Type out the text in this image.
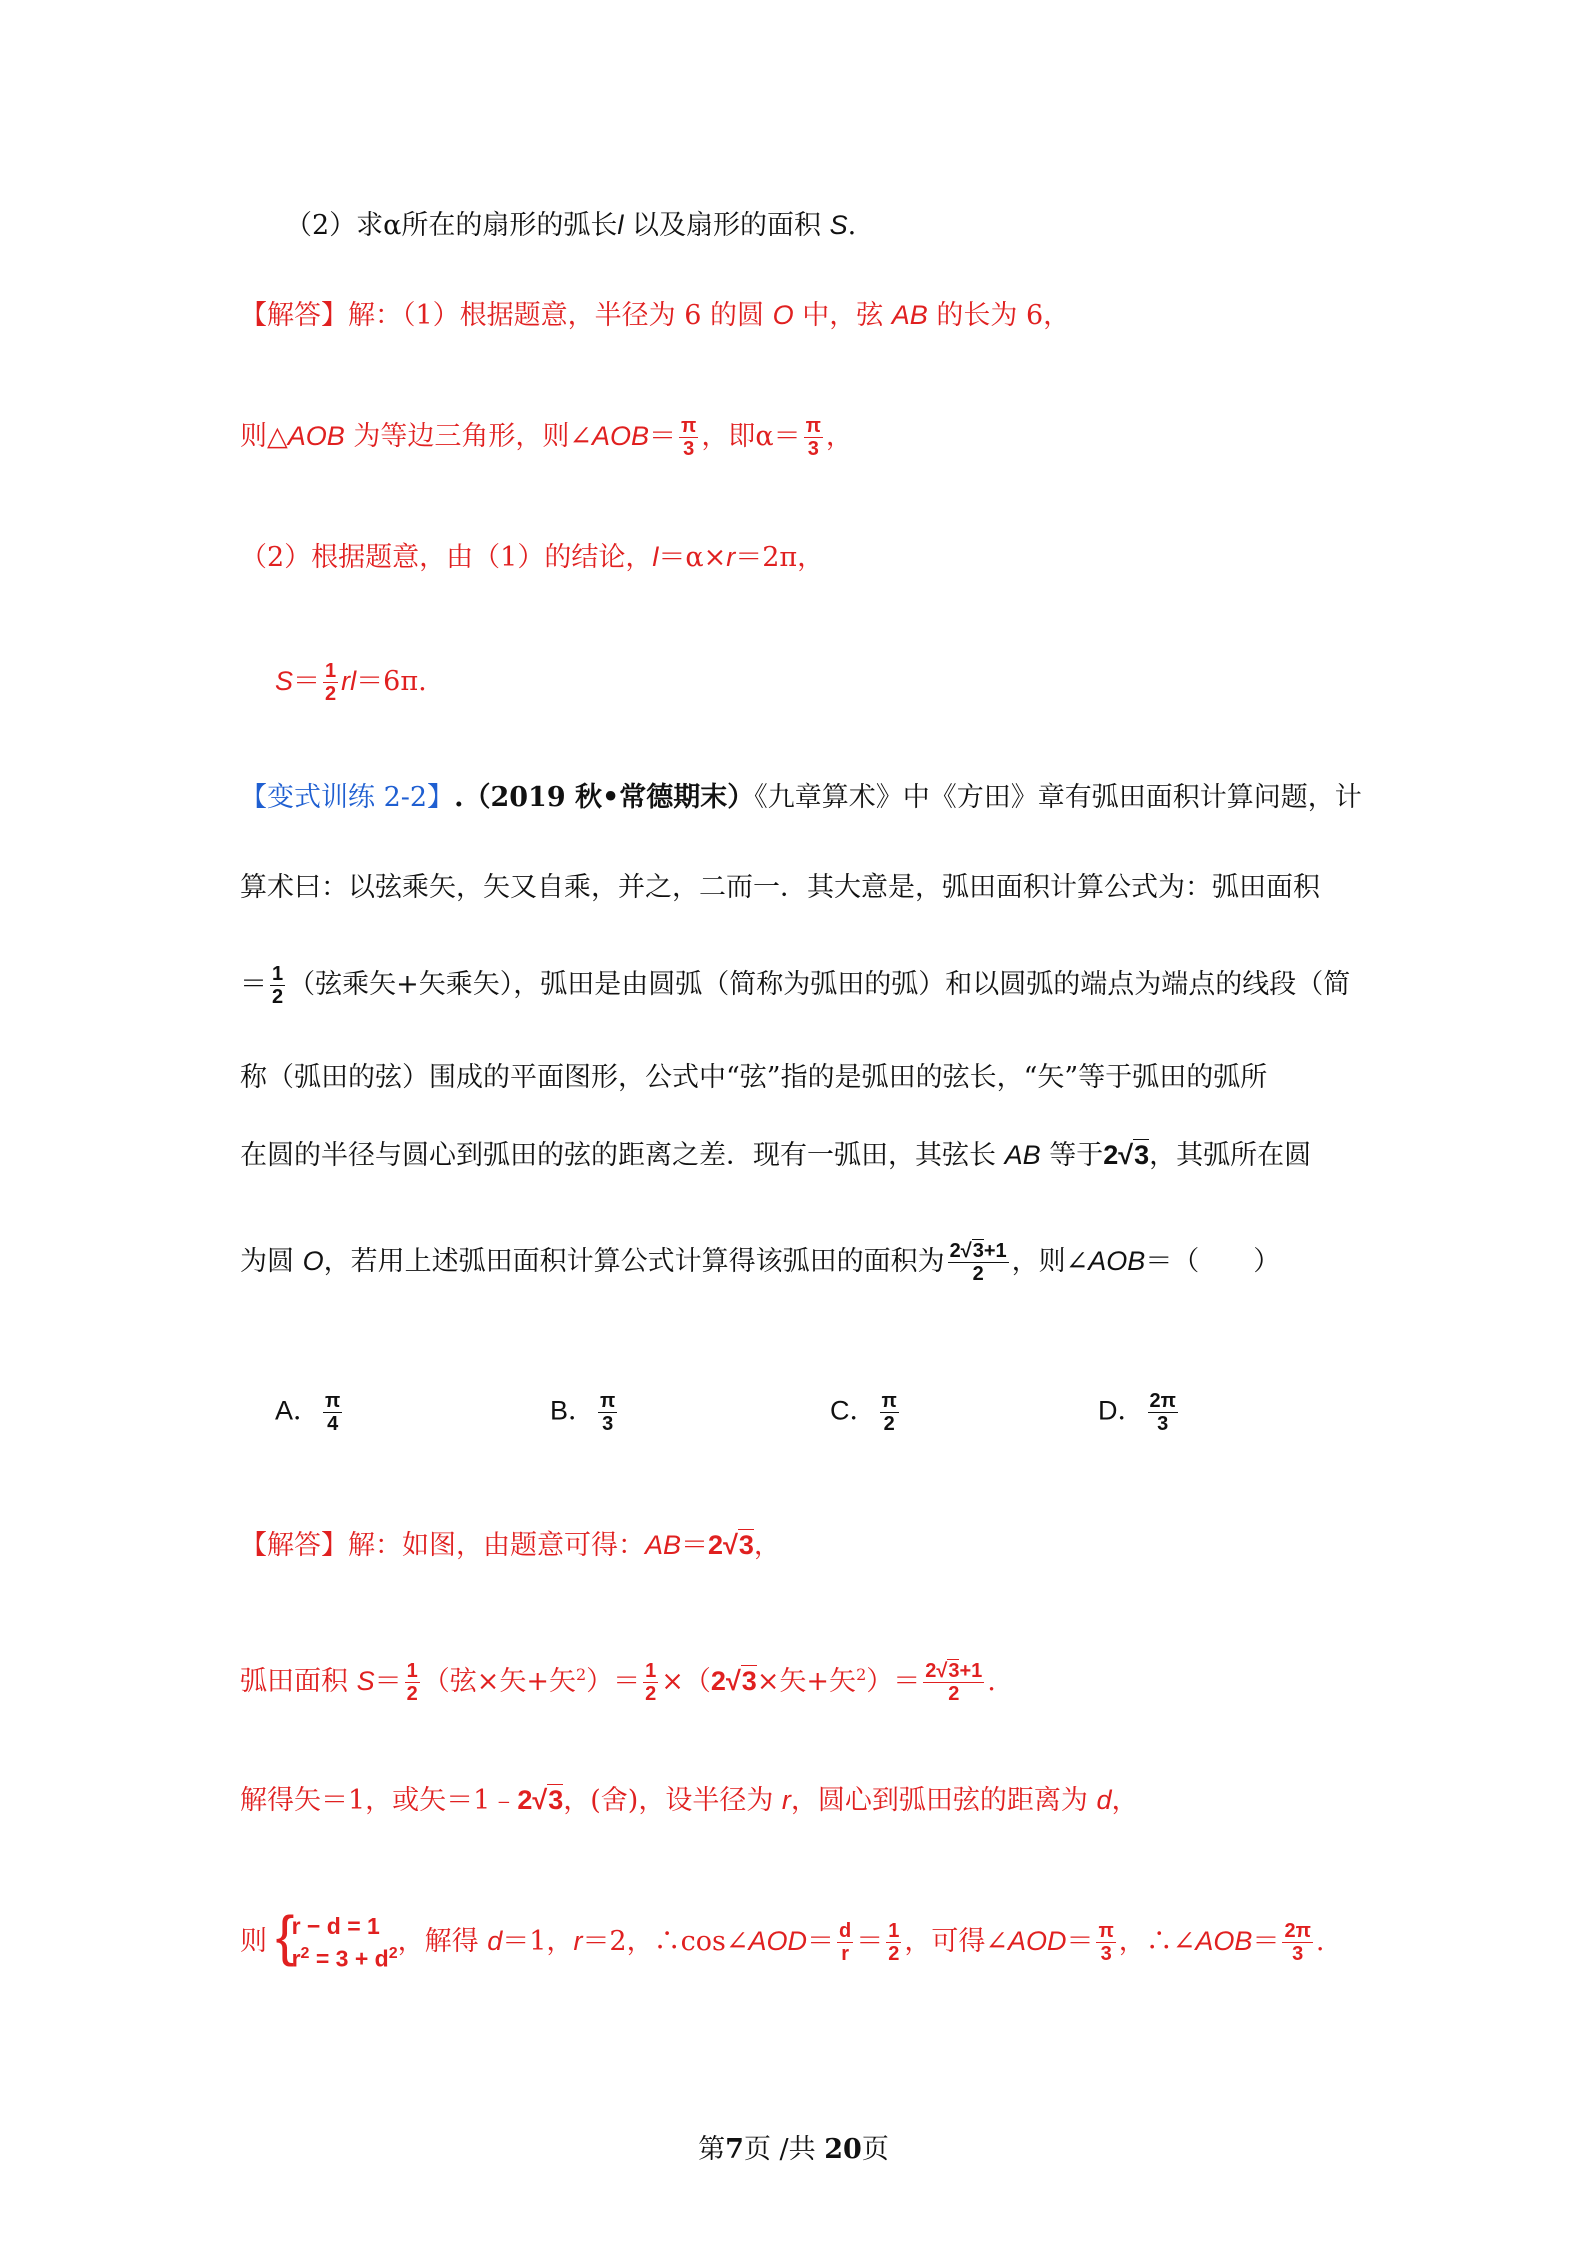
（2）求α所在的扇形的弧长l 以及扇形的面积 S.
【解答】解：（1）根据题意，半径为 6 的圆 O 中，弦 AB 的长为 6，
则△AOB 为等边三角形，则∠AOB＝ $\frac{\pi}{3}$ ，即$\alpha= \frac{\pi}{3}$ ，
（2）根据题意，由（1）的结论，l＝α×r＝2π，
$S= \frac{1}{2} rl=6\pi$.
【变式训练 2-2】.（2019 秋•常德期末）《九章算术》中《方田》章有弧田面积计算问题，计
算术曰：以弦乘矢，矢又自乘，并之，二而一．其大意是，弧田面积计算公式为：弧田面积
＝ $\frac{1}{2}$ （弦乘矢+矢乘矢），弧田是由圆弧（简称为弧田的弧）和以圆弧的端点为端点的线段（简
称（弧田的弦）围成的平面图形，公式中“弦”指的是弧田的弦长，“矢”等于弧田的弧所
在圆的半径与圆心到弧田的弦的距离之差．现有一弧田，其弦长 AB 等于2√3，其弧所在圆
为圆 O，若用上述弧田面积计算公式计算得该弧田的面积为 $\frac{2√3+1}{2}$ ，则∠AOB＝（　　）
A． $\frac{\pi}{4}$	B． $\frac{\pi}{3}$	C． $\frac{\pi}{2}$	D． $\frac{2\pi}{3}$
【解答】解：如图，由题意可得：AB＝2√3，
弧田面积 $S= \frac{1}{2}$ （弦×矢+矢$^2)= \frac{1}{2} \times(2√3\times$矢+矢$^2)= \frac{2√3+1}{2}$ .
解得矢＝1，或矢＝1﹣2√3，(舍)，设半径为 r，圆心到弧田弦的距离为 d，
则 {
r − d = 1
$r^2 = 3 + d^2$ ，解得 d＝1，r＝2，∴cos∠AOD＝ $\frac{d}{r} = \frac{1}{2}$ ，可得∠AOD＝ $\frac{\pi}{3}$ ，∴∠AOB＝ $\frac{2\pi}{3}$ .
第7页 /共 20页
